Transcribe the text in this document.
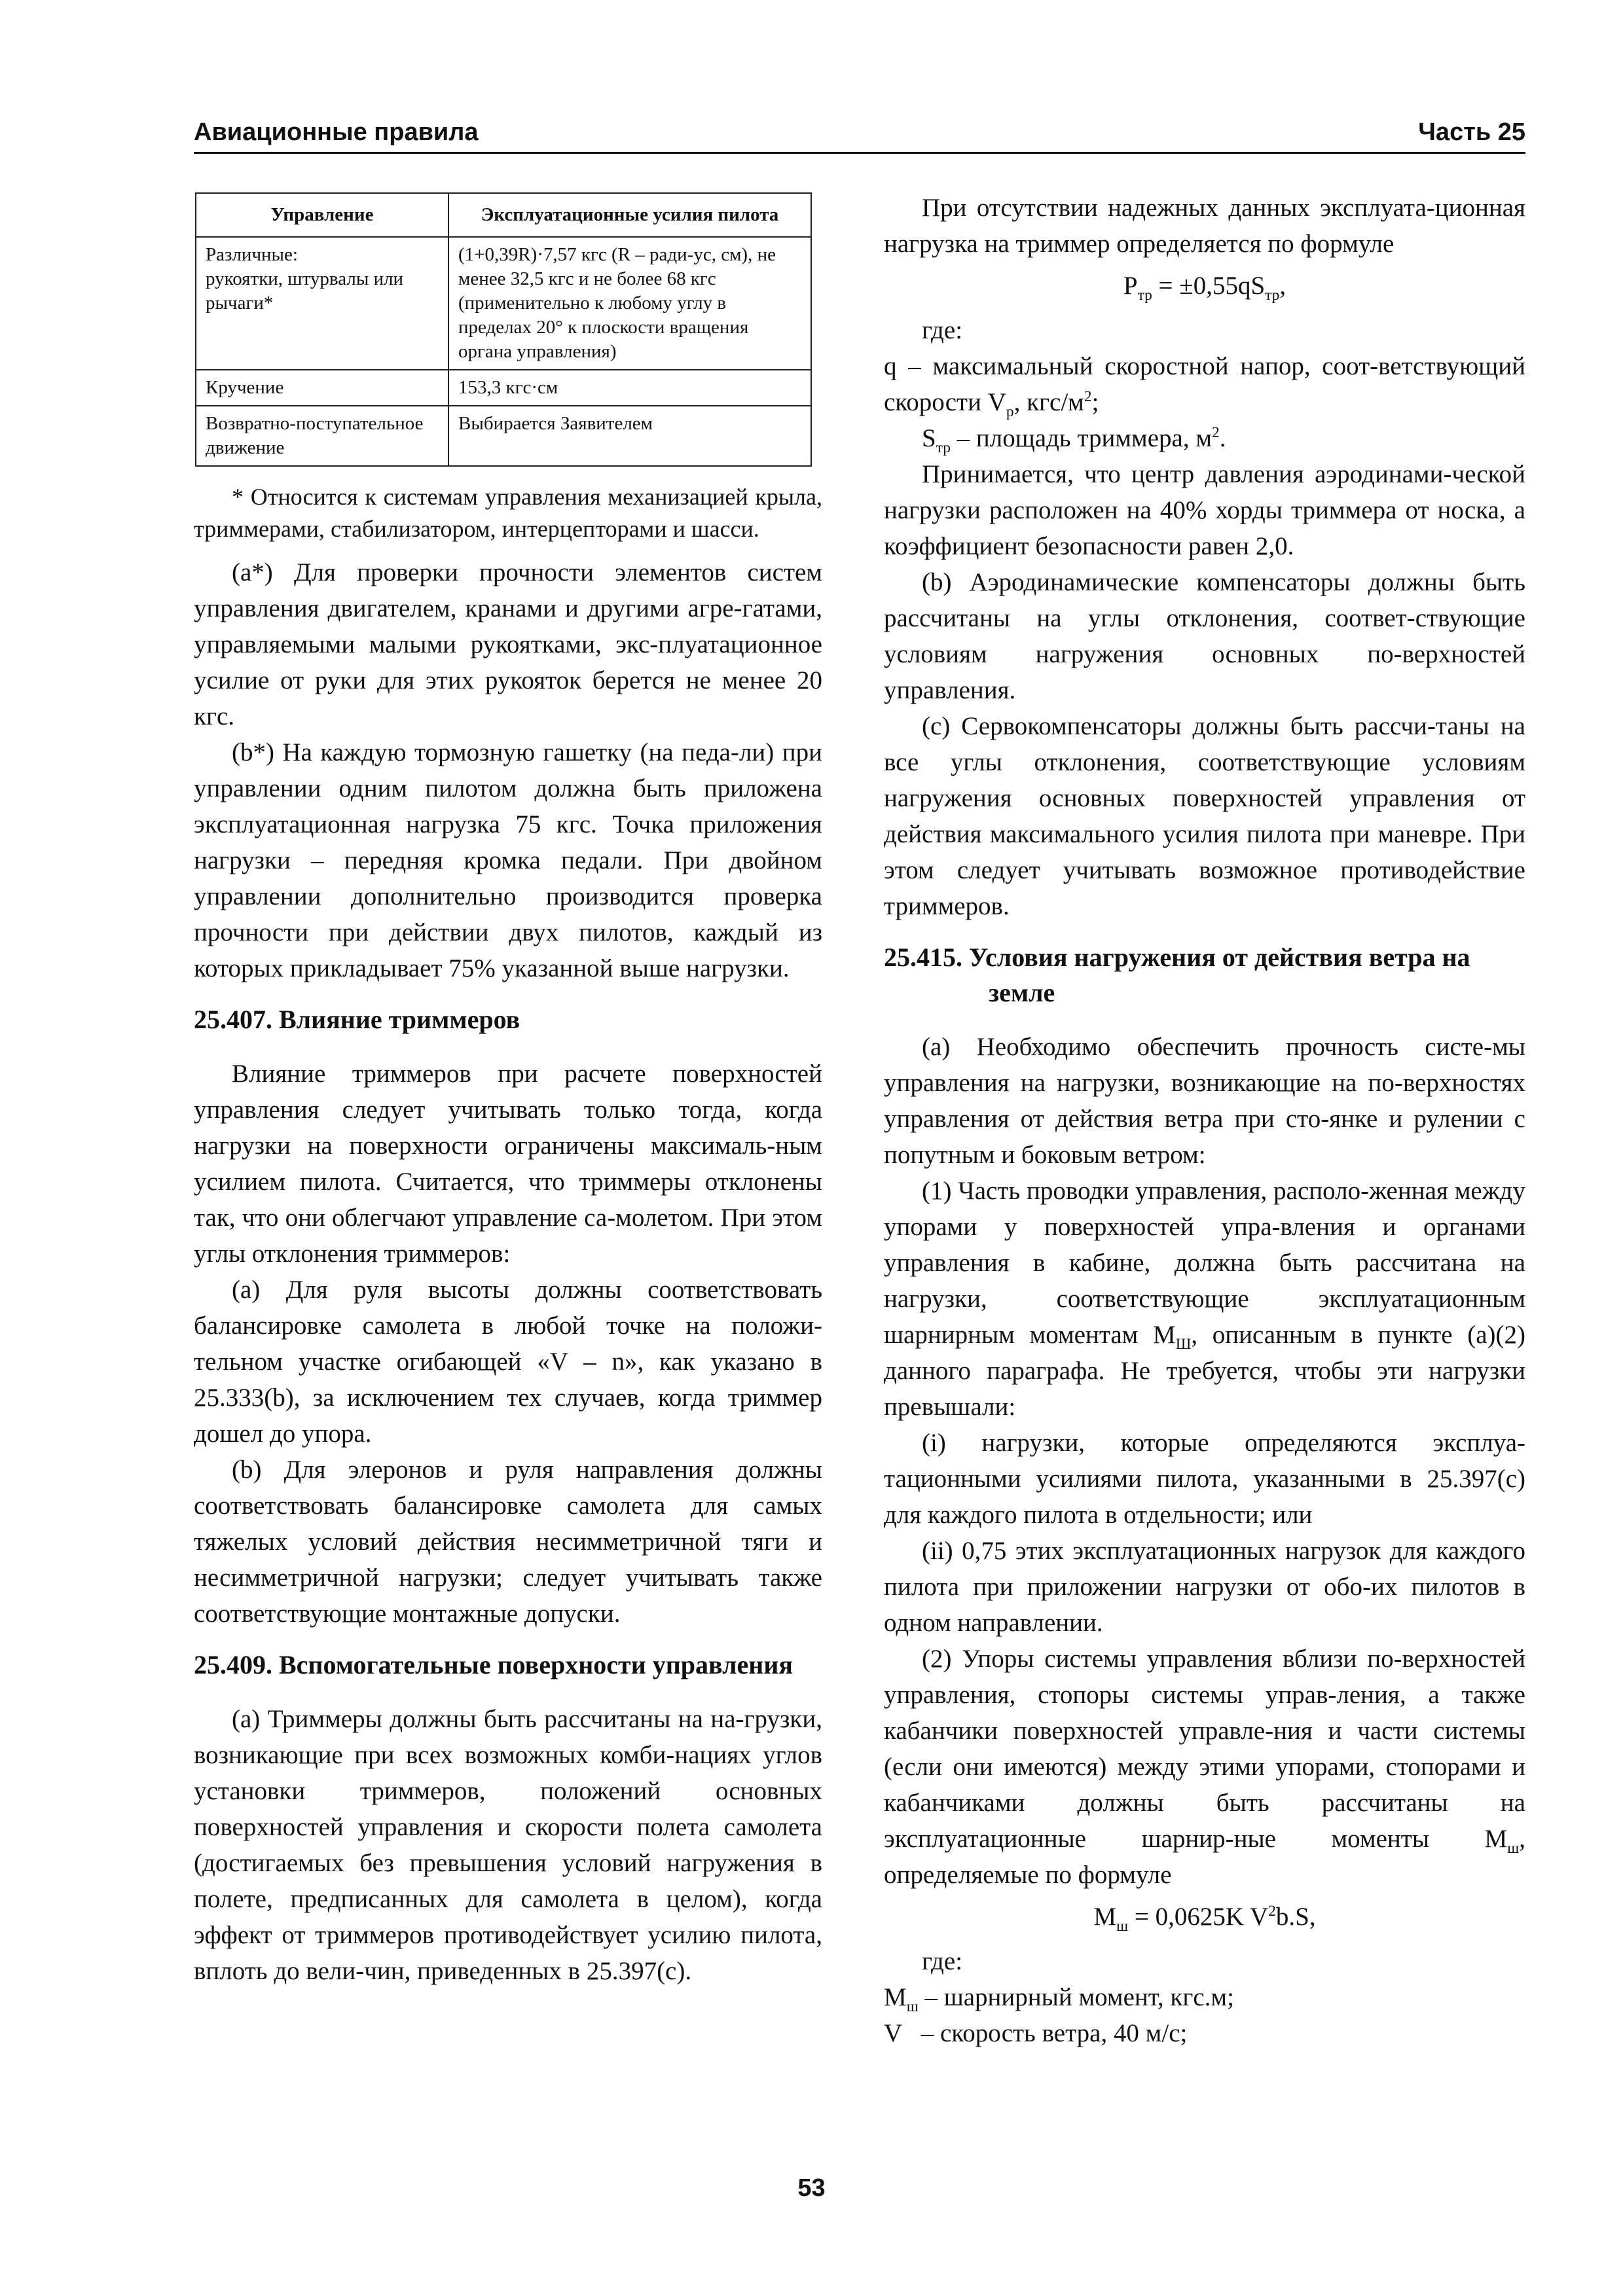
Авиационные правила	Часть 25
Управление	Эксплуатационные усилия пилота
Различные:
рукоятки, штурвалы или рычаги*	(1+0,39R)·7,57 кгс (R – ради-ус, см), не менее 32,5 кгс и не более 68 кгс (применительно к любому углу в пределах 20° к плоскости вращения органа управления)
Кручение	153,3 кгс·см
Возвратно-поступательное движение	Выбирается Заявителем

* Относится к системам управления механизацией крыла, триммерами, стабилизатором, интерцепторами и шасси.

(а*) Для проверки прочности элементов систем управления двигателем, кранами и другими агре-гатами, управляемыми малыми рукоятками, экс-плуатационное усилие от руки для этих рукояток берется не менее 20 кгс.

(b*) На каждую тормозную гашетку (на педа-ли) при управлении одним пилотом должна быть приложена эксплуатационная нагрузка 75 кгс. Точка приложения нагрузки – передняя кромка педали. При двойном управлении дополнительно производится проверка прочности при действии двух пилотов, каждый из которых прикладывает 75% указанной выше нагрузки.

25.407. Влияние триммеров

Влияние триммеров при расчете поверхностей управления следует учитывать только тогда, когда нагрузки на поверхности ограничены максималь-ным усилием пилота. Считается, что триммеры отклонены так, что они облегчают управление са-молетом. При этом углы отклонения триммеров:

(а) Для руля высоты должны соответствовать балансировке самолета в любой точке на положи-тельном участке огибающей «V – n», как указано в 25.333(b), за исключением тех случаев, когда триммер дошел до упора.

(b) Для элеронов и руля направления должны соответствовать балансировке самолета для самых тяжелых условий действия несимметричной тяги и несимметричной нагрузки; следует учитывать также соответствующие монтажные допуски.

25.409. Вспомогательные поверхности управления

(а) Триммеры должны быть рассчитаны на на-грузки, возникающие при всех возможных комби-нациях углов установки триммеров, положений основных поверхностей управления и скорости полета самолета (достигаемых без превышения условий нагружения в полете, предписанных для самолета в целом), когда эффект от триммеров противодействует усилию пилота, вплоть до вели-чин, приведенных в 25.397(с).

При отсутствии надежных данных эксплуата-ционная нагрузка на триммер определяется по формуле

$P_{тр} = \pm 0,55qS_{тр}$,

где:

q – максимальный скоростной напор, соот-ветствующий скорости $V_p$, кгс/$м^2$;

$S_{тр}$ – площадь триммера, $м^2$.

Принимается, что центр давления аэродинами-ческой нагрузки расположен на 40% хорды триммера от носка, а коэффициент безопасности равен 2,0.

(b) Аэродинамические компенсаторы должны быть рассчитаны на углы отклонения, соответ-ствующие условиям нагружения основных по-верхностей управления.

(с) Сервокомпенсаторы должны быть рассчи-таны на все углы отклонения, соответствующие условиям нагружения основных поверхностей управления от действия максимального усилия пилота при маневре. При этом следует учитывать возможное противодействие триммеров.

25.415. Условия нагружения от действия ветра на земле

(а) Необходимо обеспечить прочность систе-мы управления на нагрузки, возникающие на по-верхностях управления от действия ветра при сто-янке и рулении с попутным и боковым ветром:

(1) Часть проводки управления, располо-женная между упорами у поверхностей упра-вления и органами управления в кабине, должна быть рассчитана на нагрузки, соответствующие эксплуатационным шарнирным моментам $M_Ш$, описанным в пункте (а)(2) данного параграфа. Не требуется, чтобы эти нагрузки превышали:

(i) нагрузки, которые определяются эксплуа-тационными усилиями пилота, указанными в 25.397(с) для каждого пилота в отдельности; или

(ii) 0,75 этих эксплуатационных нагрузок для каждого пилота при приложении нагрузки от обо-их пилотов в одном направлении.

(2) Упоры системы управления вблизи по-верхностей управления, стопоры системы управ-ления, а также кабанчики поверхностей управле-ния и части системы (если они имеются) между этими упорами, стопорами и кабанчиками должны быть рассчитаны на эксплуатационные шарнир-ные моменты $M_ш$, определяемые по формуле

$M_ш = 0,0625K$ $V^2b.S$,

где:

$M_ш$ – шарнирный момент, кгс.м;

V   – скорость ветра, 40 м/с;

53
